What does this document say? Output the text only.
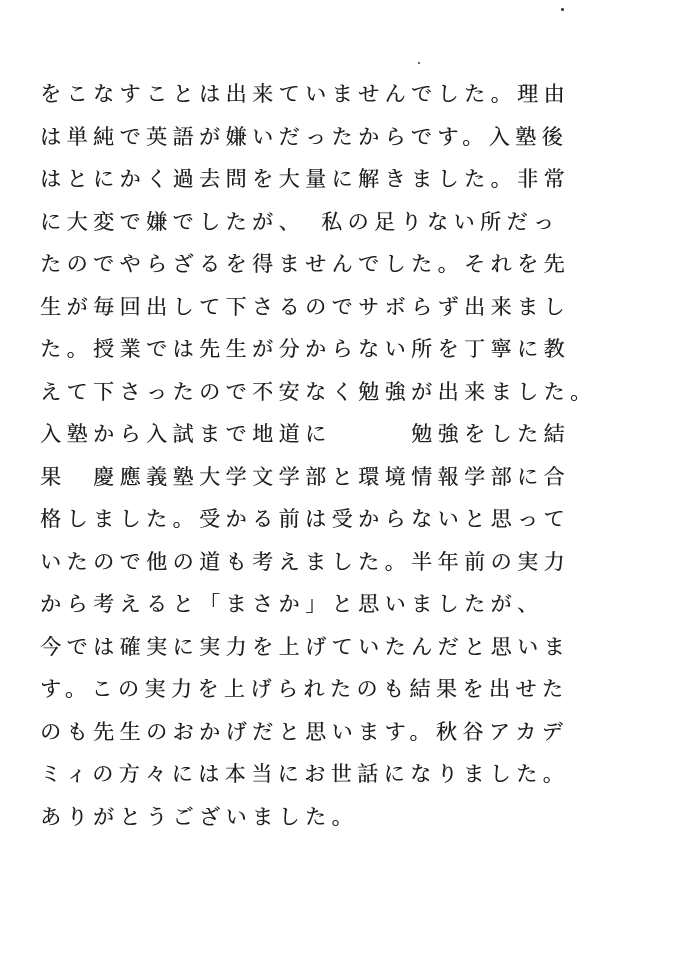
をこなすことは出来ていませんでした。理由
は単純で英語が嫌いだったからです。入塾後
はとにかく過去問を大量に解きました。非常
に大変で嫌でしたが、　私の足りない所だっ
たのでやらざるを得ませんでした。それを先
生が毎回出して下さるのでサボらず出来まし
た。授業では先生が分からない所を丁寧に教
えて下さったので不安なく勉強が出来ました。
入塾から入試まで地道に　　　勉強をした結
果　慶應義塾大学文学部と環境情報学部に合
格しました。受かる前は受からないと思って
いたので他の道も考えました。半年前の実力
から考えると「まさか」と思いましたが、
今では確実に実力を上げていたんだと思いま
す。この実力を上げられたのも結果を出せた
のも先生のおかげだと思います。秋谷アカデ
ミィの方々には本当にお世話になりました。
ありがとうございました。
